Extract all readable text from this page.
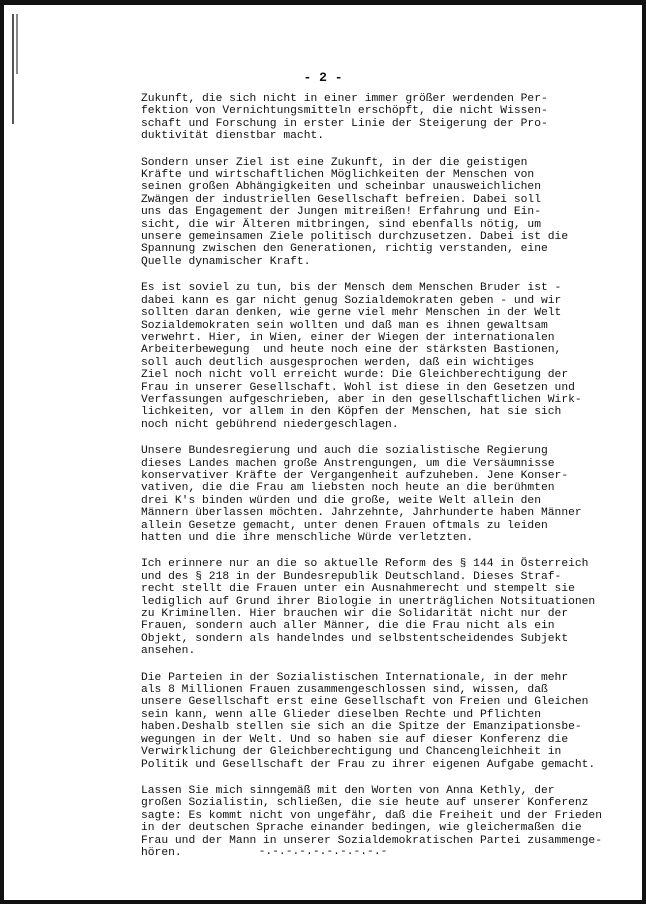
- 2 -
Zukunft, die sich nicht in einer immer größer werdenden Per-
fektion von Vernichtungsmitteln erschöpft, die nicht Wissen-
schaft und Forschung in erster Linie der Steigerung der Pro-
duktivität dienstbar macht.
Sondern unser Ziel ist eine Zukunft, in der die geistigen
Kräfte und wirtschaftlichen Möglichkeiten der Menschen von
seinen großen Abhängigkeiten und scheinbar unausweichlichen
Zwängen der industriellen Gesellschaft befreien. Dabei soll
uns das Engagement der Jungen mitreißen! Erfahrung und Ein-
sicht, die wir Älteren mitbringen, sind ebenfalls nötig, um
unsere gemeinsamen Ziele politisch durchzusetzen. Dabei ist die
Spannung zwischen den Generationen, richtig verstanden, eine
Quelle dynamischer Kraft.
Es ist soviel zu tun, bis der Mensch dem Menschen Bruder ist -
dabei kann es gar nicht genug Sozialdemokraten geben - und wir
sollten daran denken, wie gerne viel mehr Menschen in der Welt
Sozialdemokraten sein wollten und daß man es ihnen gewaltsam
verwehrt. Hier, in Wien, einer der Wiegen der internationalen
Arbeiterbewegung  und heute noch eine der stärksten Bastionen,
soll auch deutlich ausgesprochen werden, daß ein wichtiges
Ziel noch nicht voll erreicht wurde: Die Gleichberechtigung der
Frau in unserer Gesellschaft. Wohl ist diese in den Gesetzen und
Verfassungen aufgeschrieben, aber in den gesellschaftlichen Wirk-
lichkeiten, vor allem in den Köpfen der Menschen, hat sie sich
noch nicht gebührend niedergeschlagen.
Unsere Bundesregierung und auch die sozialistische Regierung
dieses Landes machen große Anstrengungen, um die Versäumnisse
konservativer Kräfte der Vergangenheit aufzuheben. Jene Konser-
vativen, die die Frau am liebsten noch heute an die berühmten
drei K's binden würden und die große, weite Welt allein den
Männern überlassen möchten. Jahrzehnte, Jahrhunderte haben Männer
allein Gesetze gemacht, unter denen Frauen oftmals zu leiden
hatten und die ihre menschliche Würde verletzten.
Ich erinnere nur an die so aktuelle Reform des § 144 in Österreich
und des § 218 in der Bundesrepublik Deutschland. Dieses Straf-
recht stellt die Frauen unter ein Ausnahmerecht und stempelt sie
lediglich auf Grund ihrer Biologie in unerträglichen Notsituationen
zu Kriminellen. Hier brauchen wir die Solidarität nicht nur der
Frauen, sondern auch aller Männer, die die Frau nicht als ein
Objekt, sondern als handelndes und selbstentscheidendes Subjekt
ansehen.
Die Parteien in der Sozialistischen Internationale, in der mehr
als 8 Millionen Frauen zusammengeschlossen sind, wissen, daß
unsere Gesellschaft erst eine Gesellschaft von Freien und Gleichen
sein kann, wenn alle Glieder dieselben Rechte und Pflichten
haben.Deshalb stellen sie sich an die Spitze der Emanzipationsbe-
wegungen in der Welt. Und so haben sie auf dieser Konferenz die
Verwirklichung der Gleichberechtigung und Chancengleichheit in
Politik und Gesellschaft der Frau zu ihrer eigenen Aufgabe gemacht.
Lassen Sie mich sinngemäß mit den Worten von Anna Kethly, der
großen Sozialistin, schließen, die sie heute auf unserer Konferenz
sagte: Es kommt nicht von ungefähr, daß die Freiheit und der Frieden
in der deutschen Sprache einander bedingen, wie gleichermaßen die
Frau und der Mann in unserer Sozialdemokratischen Partei zusammenge-
hören.	-.-.-.-.-.-.-.-.-.-
